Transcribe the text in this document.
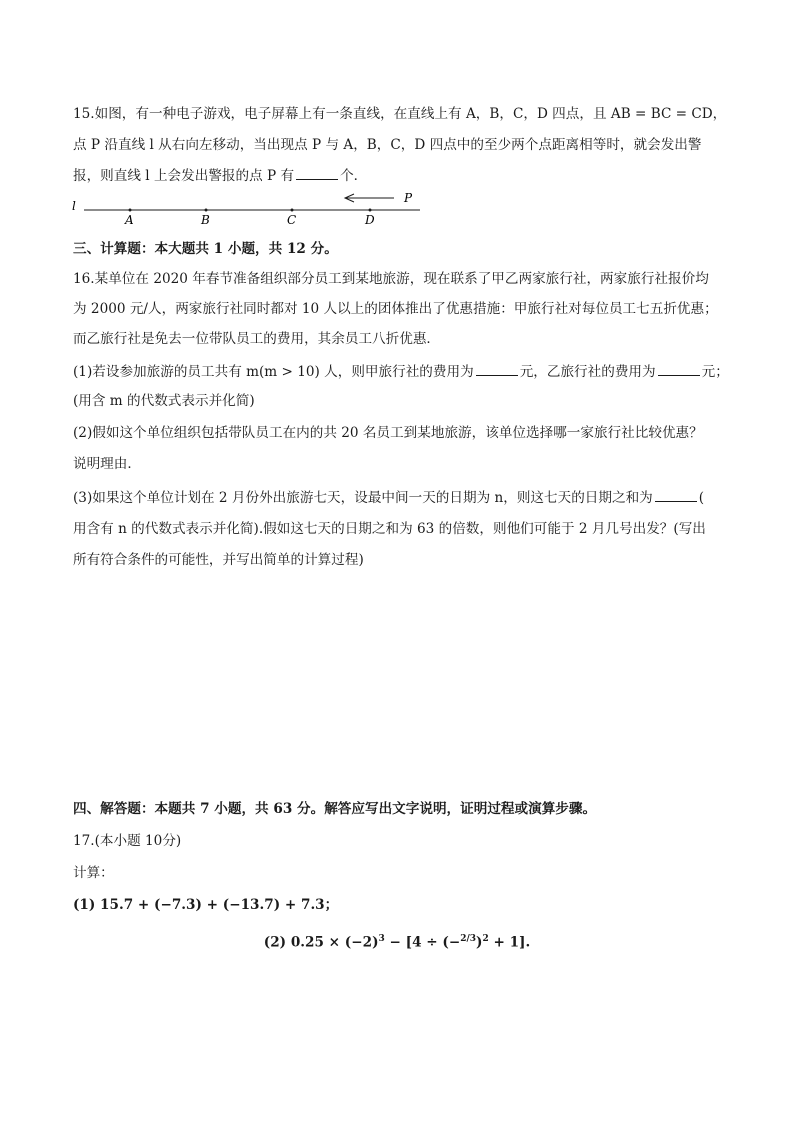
15.如图，有一种电子游戏，电子屏幕上有一条直线，在直线上有 A，B，C，D 四点，且 AB = BC = CD，
点 P 沿直线 l 从右向左移动，当出现点 P 与 A，B，C，D 四点中的至少两个点距离相等时，就会发出警
报，则直线 l 上会发出警报的点 P 有	个．
l
A	B	C	D
P
三、计算题：本大题共 1 小题，共 12 分。
16.某单位在 2020 年春节准备组织部分员工到某地旅游，现在联系了甲乙两家旅行社，两家旅行社报价均
为 2000 元/人，两家旅行社同时都对 10 人以上的团体推出了优惠措施：甲旅行社对每位员工七五折优惠；
而乙旅行社是免去一位带队员工的费用，其余员工八折优惠．
(1)若设参加旅游的员工共有 m(m > 10) 人，则甲旅行社的费用为	元，乙旅行社的费用为	元；
(用含 m 的代数式表示并化简)
(2)假如这个单位组织包括带队员工在内的共 20 名员工到某地旅游，该单位选择哪一家旅行社比较优惠？
说明理由．
(3)如果这个单位计划在 2 月份外出旅游七天，设最中间一天的日期为 n，则这七天的日期之和为	(
用含有 n 的代数式表示并化简).假如这七天的日期之和为 63 的倍数，则他们可能于 2 月几号出发？(写出
所有符合条件的可能性，并写出简单的计算过程)
四、解答题：本题共 7 小题，共 63 分。解答应写出文字说明，证明过程或演算步骤。
17.(本小题 10分)
计算：
(1) 15.7 + (−7.3) + (−13.7) + 7.3；
(2) $0.25 \times (-2)^3 - [4 \div (-^{2/3})^2 + 1]$.
